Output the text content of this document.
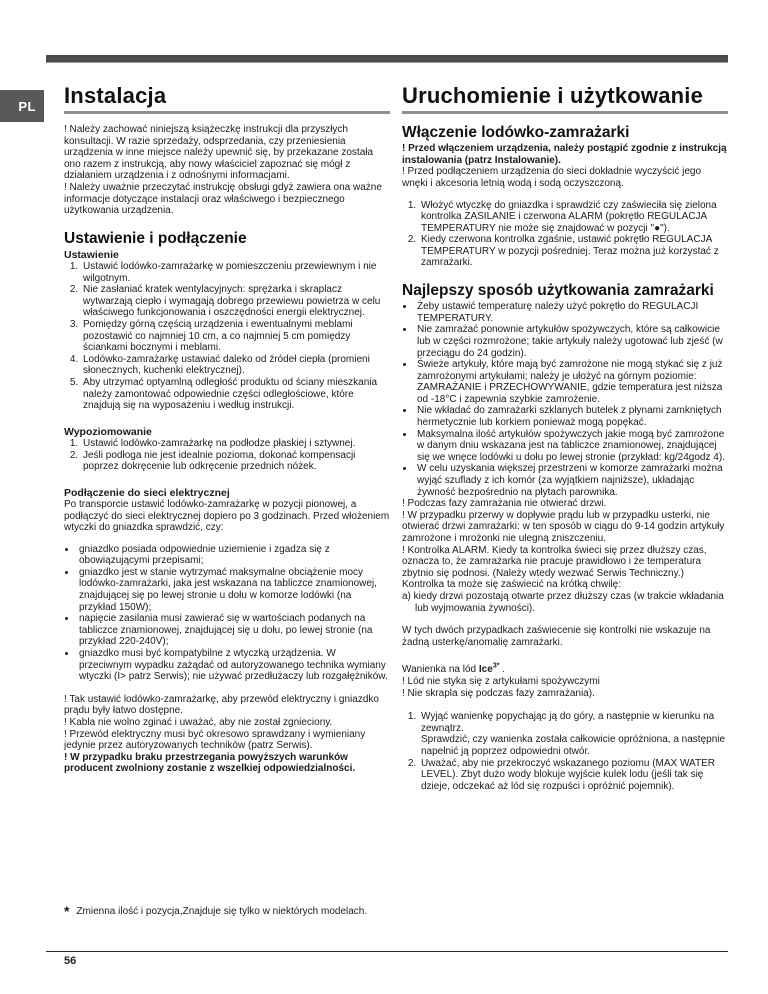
PL Instalacja

! Należy zachować niniejszą książeczkę instrukcji dla przyszłych konsultacji. W razie sprzedaży, odsprzedania, czy przeniesienia urządzenia w inne miejsce należy upewnić się, by przekazane została ono razem z instrukcją, aby nowy właściciel zapoznać się mógł z działaniem urządzenia i z odnośnymi informacjami.

! Należy uważnie przeczytać instrukcję obsługi gdyż zawiera ona ważne informacje dotyczące instalacji oraz właściwego i bezpiecznego użytkowania urządzenia.

Ustawienie i podłączenie
Ustawienie
1. Ustawić lodówko-zamrażarkę w pomieszczeniu przewiewnym i nie wilgotnym.
2. Nie zasłaniać kratek wentylacyjnych: sprężarka i skraplacz wytwarzają ciepło i wymagają dobrego przewiewu powietrza w celu właściwego funkcjonowania i oszczędności energii elektrycznej.
3. Pomiędzy górną częścią urządzenia i ewentualnymi meblami pozostawić co najmniej 10 cm, a co najmniej 5 cm pomiędzy ściankami bocznymi i meblami.
4. Lodówko-zamrażarkę ustawiać daleko od źródeł ciepła (promieni słonecznych, kuchenki elektrycznej).
5. Aby utrzymać optyamlną odległość produktu od ściany mieszkania należy zamontować odpowiednie części odległościowe, które znajdują się na wyposażeniu i według instrukcji.
Wypoziomowanie
1. Ustawić lodówko-zamrażarkę na podłodze płaskiej i sztywnej.
2. Jeśli podłoga nie jest idealnie pozioma, dokonać kompensacji poprzez dokręcenie lub odkręcenie przednich nóżek.
Podłączenie do sieci elektrycznej

Po transporcie ustawić lodówko-zamrażarkę w pozycji pionowej, a podłączyć do sieci elektrycznej dopiero po 3 godzinach. Przed włożeniem wtyczki do gniazdka sprawdzić, czy:

• gniazdko posiada odpowiednie uziemienie i zgadza się z obowiązującymi przepisami;
• gniazdko jest w stanie wytrzymać maksymalne obciążenie mocy lodówko-zamrażarki, jaka jest wskazana na tabliczce znamionowej, znajdującej się po lewej stronie u dołu w komorze lodówki (na przykład 150W);
• napięcie zasilania musi zawierać się w wartościach podanych na tabliczce znamionowej, znajdującej się u dołu, po lewej stronie (na przykład 220-240V);
• gniazdko musi być kompatybilne z wtyczką urządzenia. W przeciwnym wypadku zażądać od autoryzowanego technika wymiany wtyczki (I> patrz Serwis); nie używać przedłużaczy lub rozgałężników.

! Tak ustawić lodówko-zamrażarkę, aby przewód elektryczny i gniazdko prądu były łatwo dostępne.

! Kabla nie wolno zginać i uważać, aby nie został zgnieciony.

! Przewód elektryczny musi być okresowo sprawdzany i wymieniany jedynie przez autoryzowanych techników (patrz Serwis).

! W przypadku braku przestrzegania powyższych warunków producent zwolniony zostanie z wszelkiej odpowiedzialności.

Uruchomienie i użytkowanie
Włączenie lodówko-zamrażarki

! Przed włączeniem urządzenia, należy postąpić zgodnie z instrukcją instalowania (patrz Instalowanie).

! Przed podłączeniem urządzenia do sieci dokładnie wyczyścić jego wnęki i akcesoria letnią wodą i sodą oczyszczoną.

1. Włożyć wtyczkę do gniazdka i sprawdzić czy zaświeciła się zielona kontrolka ZASILANIE i czerwona ALARM (pokrętło REGULACJA TEMPERATURY nie może się znajdować w pozycji "●").
2. Kiedy czerwona kontrolka zgaśnie, ustawić pokrętło REGULACJA TEMPERATURY w pozycji pośredniej. Teraz można już korzystać z zamrażarki.
Najlepszy sposób użytkowania zamrażarki
• Żeby ustawić temperaturę należy użyć pokrętło do REGULACJI TEMPERATURY.
• Nie zamrażać ponownie artykułów spożywczych, które są całkowicie lub w części rozmrożone; takie artykuły należy ugotować lub zjeść (w przeciągu do 24 godzin).
• Świeże artykuły, które mają być zamrożone nie mogą stykać się z już zamrożonymi artykułami; należy je ułożyć na górnym poziomie: ZAMRAŻANIE i PRZECHOWYWANIE, gdzie temperatura jest niższa od -18°C i zapewnia szybkie zamrożenie.
• Nie wkładać do zamrażarki szklanych butelek z płynami zamkniętych hermetycznie lub korkiem ponieważ mogą popękać.
• Maksymalna ilość artykułów spożywczych jakie mogą być zamrożone w danym dniu wskazana jest na tabliczce znamionowej, znajdującej się we wnęce lodówki u dołu po lewej stronie (przykład: kg/24godz 4).
• W celu uzyskania większej przestrzeni w komorze zamrażarki można wyjąć szuflady z ich komór (za wyjątkiem najniższe), układając żywność bezpośrednio na płytach parownika.

! Podczas fazy zamrażania nie otwierać drzwi.

! W przypadku przerwy w dopływie prądu lub w przypadku usterki, nie otwierać drzwi zamrażarki: w ten sposób w ciągu do 9-14 godzin artykuły zamrożone i mrożonki nie ulegną zniszczeniu.

! Kontrolka ALARM. Kiedy ta kontrolka świeci się przez dłuższy czas, oznacza to, że zamrażarka nie pracuje prawidłowo i że temperatura zbytnio się podnosi. (Należy wtedy wezwać Serwis Techniczny.)

Kontrolka ta może się zaświecić na krótką chwilę:

a) kiedy drzwi pozostają otwarte przez dłuższy czas (w trakcie wkładania lub wyjmowania żywności).

W tych dwóch przypadkach zaświecenie się kontrolki nie wskazuje na żadną usterkę/anomalię zamrażarki.

Wanienka na lód Ice$^{3*}$ .

! Lód nie styka się z artykułami spożywczymi

! Nie skrapla się podczas fazy zamrażania).

1. Wyjąć wanienkę popychając ją do góry, a następnie w kierunku na zewnątrz.
Sprawdzić, czy wanienka została całkowicie opróżniona, a następnie napełnić ją poprzez odpowiedni otwór.
2. Uważać, aby nie przekroczyć wskazanego poziomu (MAX WATER LEVEL). Zbyt dużo wody blokuje wyjście kulek lodu (jeśli tak się dzieje, odczekać aż lód się rozpuści i opróżnić pojemnik).
* Zmienna ilość i pozycja,Znajduje się tylko w niektórych modelach.
56
